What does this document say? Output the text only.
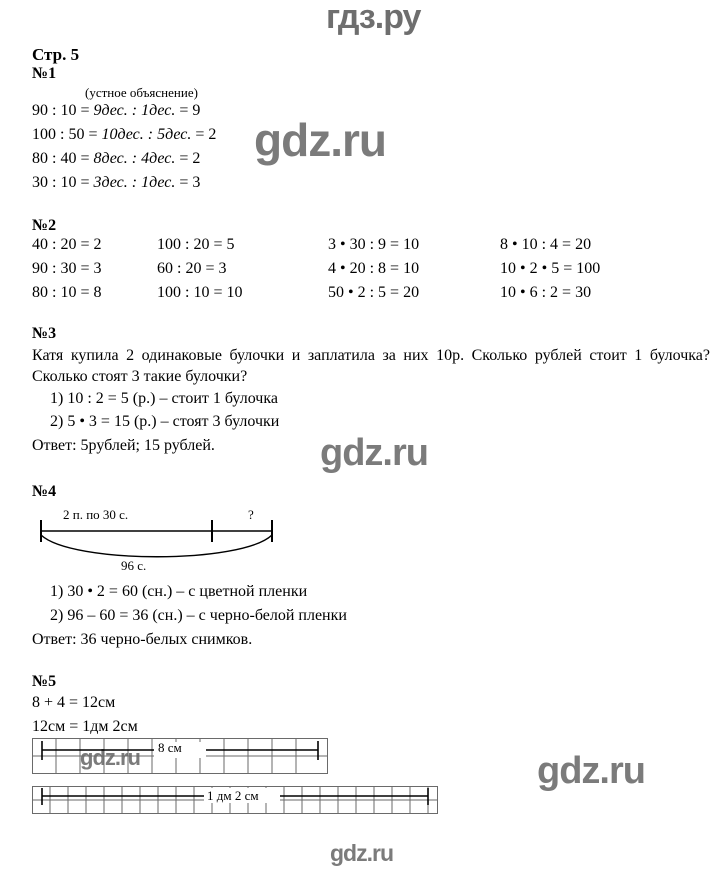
гдз.ру
gdz.ru
gdz.ru
gdz.ru	gdz.ru
gdz.ru
Стр. 5
№1
(устное объяснение)
90 : 10 = 9дес. : 1дес. = 9
100 : 50 = 10дес. : 5дес. = 2
80 : 40 = 8дес. : 4дес. = 2
30 : 10 = 3дес. : 1дес. = 3
№2
40 : 20 = 2
90 : 30 = 3
80 : 10 = 8
100 : 20 = 5
60 : 20 = 3
100 : 10 = 10
3 • 30 : 9 = 10
4 • 20 : 8 = 10
50 • 2 : 5 = 20
8 • 10 : 4 = 20
10 • 2 • 5 = 100
10 • 6 : 2 = 30
№3
Катя купила 2 одинаковые булочки и заплатила за них 10р. Сколько рублей стоит 1 булочка? Сколько стоят 3 такие булочки?
1) 10 : 2 = 5 (р.) – стоит 1 булочка
2) 5 • 3 = 15 (р.) – стоят 3 булочки
Ответ: 5рублей; 15 рублей.
№4
2 п. по 30 с.	?
96 с.
1) 30 • 2 = 60 (сн.) – с цветной пленки
2) 96 – 60 = 36 (сн.) – с черно-белой пленки
Ответ: 36 черно-белых снимков.
№5
8 + 4 = 12см
12см = 1дм 2см
8 см
1 дм 2 см
